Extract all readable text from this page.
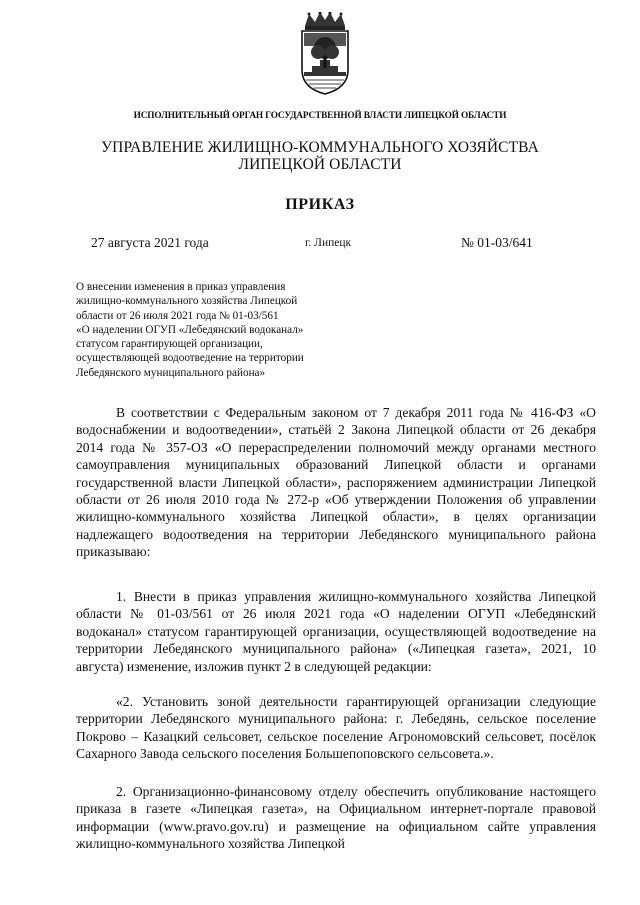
ИСПОЛНИТЕЛЬНЫЙ ОРГАН ГОСУДАРСТВЕННОЙ ВЛАСТИ ЛИПЕЦКОЙ ОБЛАСТИ
УПРАВЛЕНИЕ ЖИЛИЩНО-КОММУНАЛЬНОГО ХОЗЯЙСТВА
ЛИПЕЦКОЙ ОБЛАСТИ
ПРИКАЗ
27 августа 2021 года	г. Липецк	№ 01-03/641
О внесении изменения в приказ управления
жилищно-коммунального хозяйства Липецкой
области от 26 июля 2021 года № 01-03/561
«О наделении ОГУП «Лебедянский водоканал»
статусом гарантирующей организации,
осуществляющей водоотведение на территории
Лебедянского муниципального района»

В соответствии с Федеральным законом от 7 декабря 2011 года № 416-ФЗ «О водоснабжении и водоотведении», статьёй 2 Закона Липецкой области от 26 декабря 2014 года № 357-ОЗ «О перераспределении полномочий между органами местного самоуправления муниципальных образований Липецкой области и органами государственной власти Липецкой области», распоряжением администрации Липецкой области от 26 июля 2010 года № 272-р «Об утверждении Положения об управлении жилищно-коммунального хозяйства Липецкой области», в целях организации надлежащего водоотведения на территории Лебедянского муниципального района приказываю:

1. Внести в приказ управления жилищно-коммунального хозяйства Липецкой области № 01-03/561 от 26 июля 2021 года «О наделении ОГУП «Лебедянский водоканал» статусом гарантирующей организации, осуществляющей водоотведение на территории Лебедянского муниципального района» («Липецкая газета», 2021, 10 августа) изменение, изложив пункт 2 в следующей редакции:

«2. Установить зоной деятельности гарантирующей организации следующие территории Лебедянского муниципального района: г. Лебедянь, сельское поселение Покрово – Казацкий сельсовет, сельское поселение Агрономовский сельсовет, посёлок Сахарного Завода сельского поселения Большепоповского сельсовета.».

2. Организационно-финансовому отделу обеспечить опубликование настоящего приказа в газете «Липецкая газета», на Официальном интернет-портале правовой информации (www.pravo.gov.ru) и размещение на официальном сайте управления жилищно-коммунального хозяйства Липецкой
